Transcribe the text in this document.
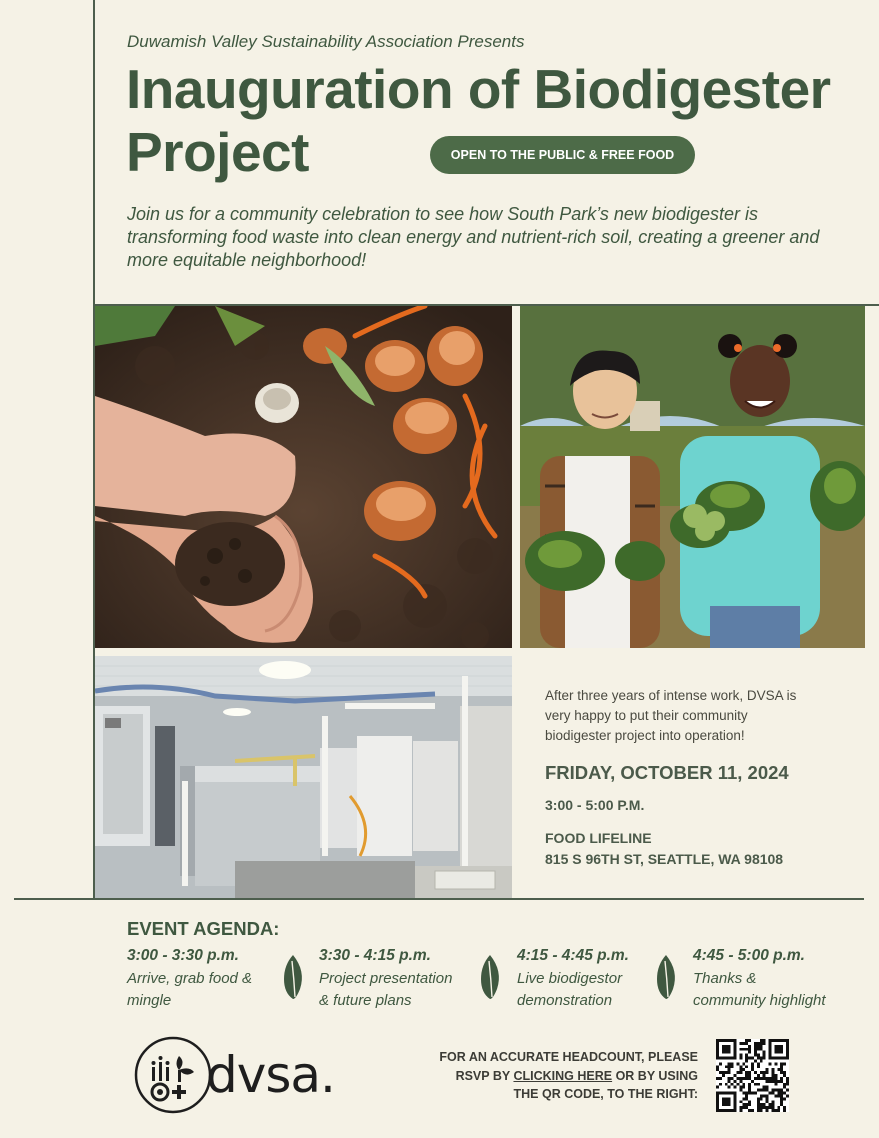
Duwamish Valley Sustainability Association Presents
Inauguration of Biodigester Project	OPEN TO THE PUBLIC & FREE FOOD
Join us for a community celebration to see how South Park’s new biodigester is transforming food waste into clean energy and nutrient-rich soil, creating a greener and more equitable neighborhood!
After three years of intense work, DVSA is very happy to put their community biodigester project into operation!
FRIDAY, OCTOBER 11, 2024
3:00 - 5:00 P.M.
FOOD LIFELINE
815 S 96TH ST, SEATTLE, WA 98108
EVENT AGENDA:
3:00 - 3:30 p.m.
Arrive, grab food &
mingle
3:30 - 4:15 p.m.
Project presentation
& future plans
4:15 - 4:45 p.m.
Live biodigestor
demonstration
4:45 - 5:00 p.m.
Thanks &
community highlight
dvsa.	FOR AN ACCURATE HEADCOUNT, PLEASE
RSVP BY CLICKING HERE OR BY USING
THE QR CODE, TO THE RIGHT:
